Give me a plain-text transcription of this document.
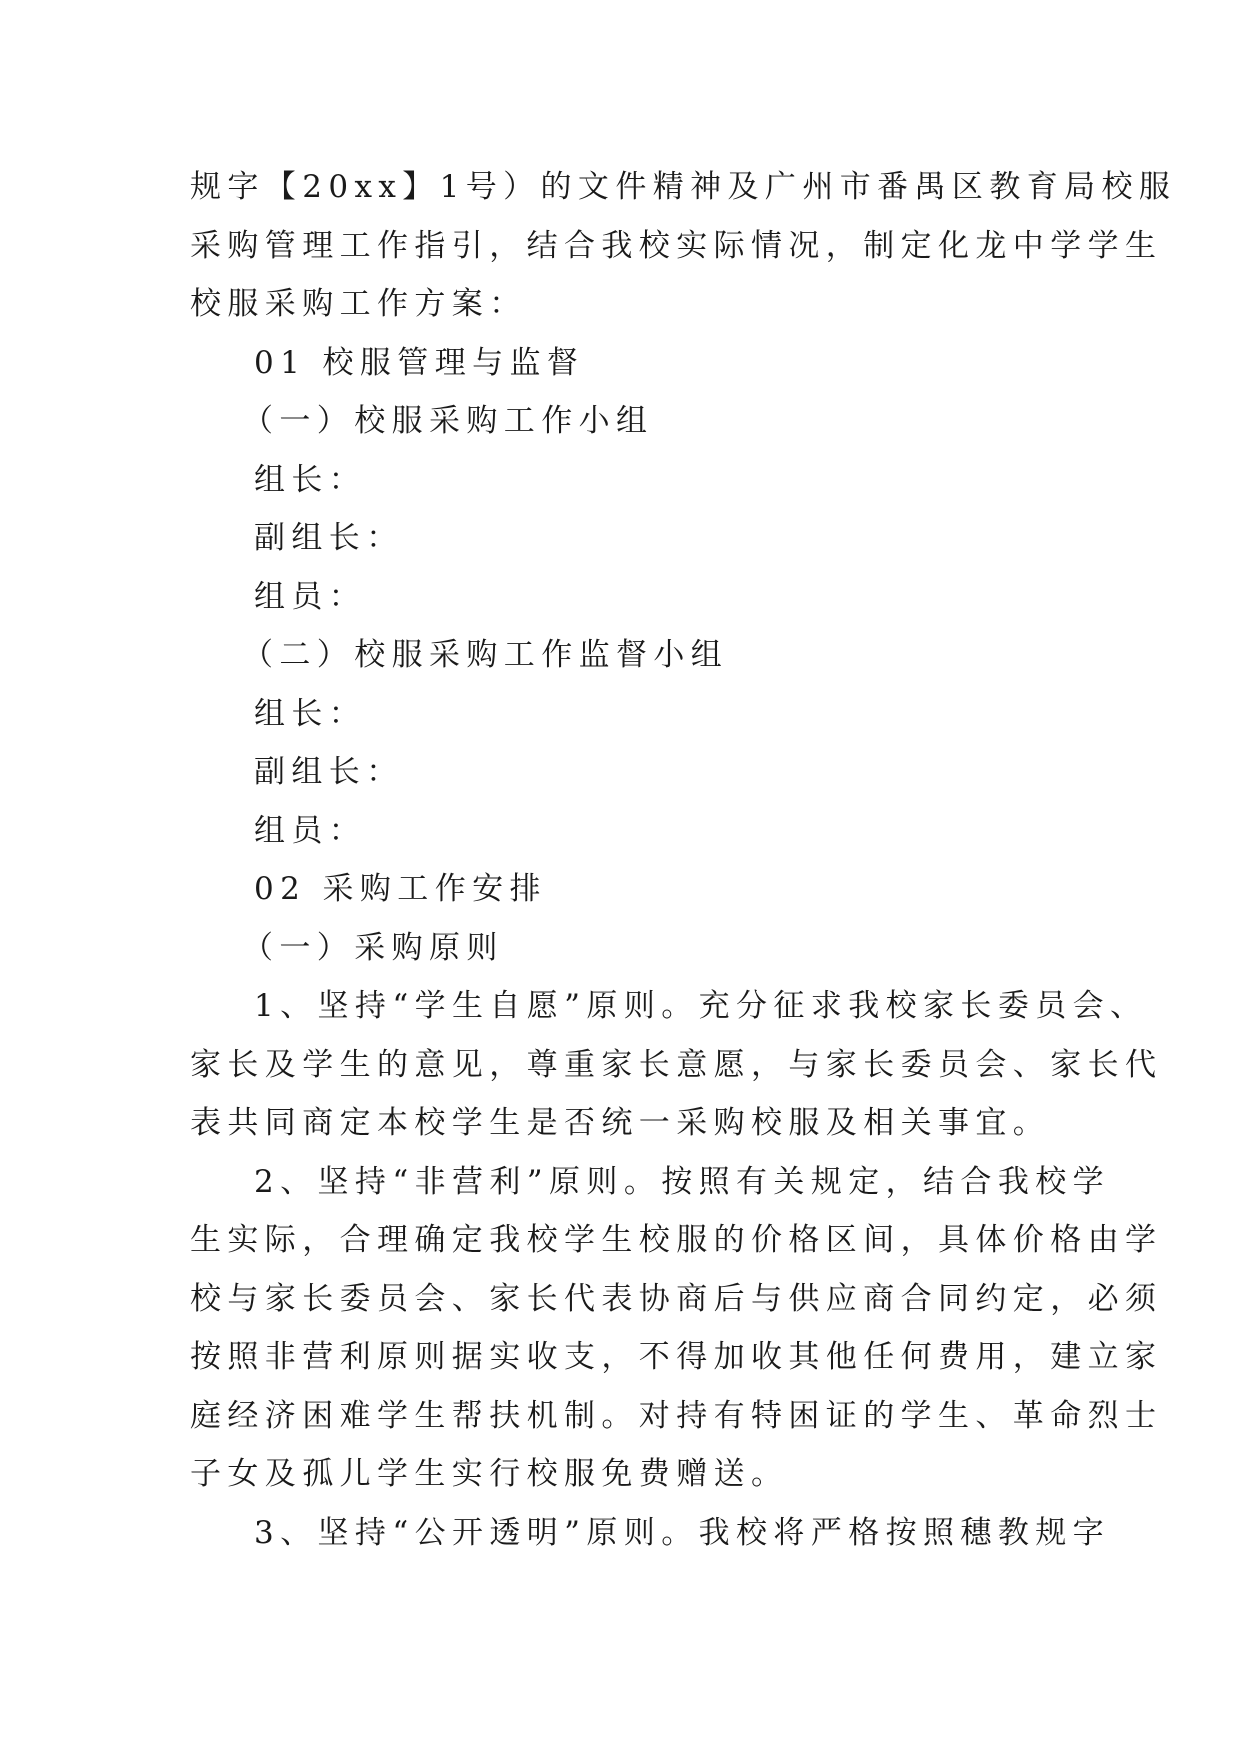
规字【20xx】1号）的文件精神及广州市番禺区教育局校服
采购管理工作指引，结合我校实际情况，制定化龙中学学生
校服采购工作方案：
01 校服管理与监督
（一）校服采购工作小组
组长：
副组长：
组员：
（二）校服采购工作监督小组
组长：
副组长：
组员：
02 采购工作安排
（一）采购原则
1、坚持“学生自愿”原则。充分征求我校家长委员会、
家长及学生的意见，尊重家长意愿，与家长委员会、家长代
表共同商定本校学生是否统一采购校服及相关事宜。
2、坚持“非营利”原则。按照有关规定，结合我校学
生实际，合理确定我校学生校服的价格区间，具体价格由学
校与家长委员会、家长代表协商后与供应商合同约定，必须
按照非营利原则据实收支，不得加收其他任何费用，建立家
庭经济困难学生帮扶机制。对持有特困证的学生、革命烈士
子女及孤儿学生实行校服免费赠送。
3、坚持“公开透明”原则。我校将严格按照穗教规字
